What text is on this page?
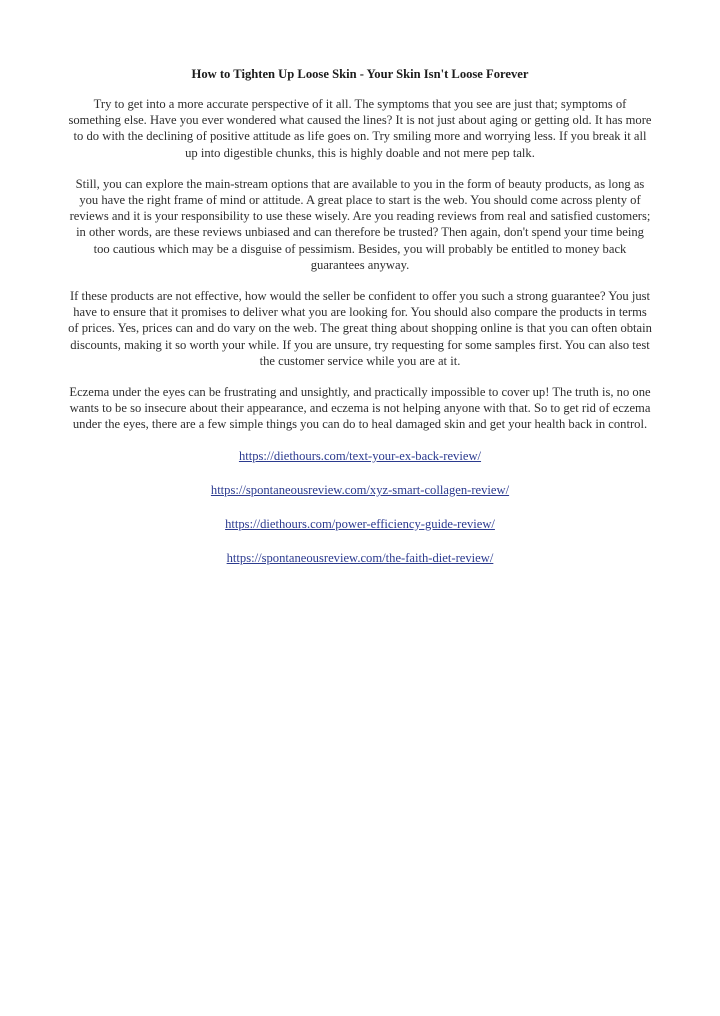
How to Tighten Up Loose Skin - Your Skin Isn't Loose Forever

Try to get into a more accurate perspective of it all. The symptoms that you see are just that; symptoms of something else. Have you ever wondered what caused the lines? It is not just about aging or getting old. It has more to do with the declining of positive attitude as life goes on. Try smiling more and worrying less. If you break it all up into digestible chunks, this is highly doable and not mere pep talk.

Still, you can explore the main-stream options that are available to you in the form of beauty products, as long as you have the right frame of mind or attitude. A great place to start is the web. You should come across plenty of reviews and it is your responsibility to use these wisely. Are you reading reviews from real and satisfied customers; in other words, are these reviews unbiased and can therefore be trusted? Then again, don't spend your time being too cautious which may be a disguise of pessimism. Besides, you will probably be entitled to money back guarantees anyway.

If these products are not effective, how would the seller be confident to offer you such a strong guarantee? You just have to ensure that it promises to deliver what you are looking for. You should also compare the products in terms of prices. Yes, prices can and do vary on the web. The great thing about shopping online is that you can often obtain discounts, making it so worth your while. If you are unsure, try requesting for some samples first. You can also test the customer service while you are at it.

Eczema under the eyes can be frustrating and unsightly, and practically impossible to cover up! The truth is, no one wants to be so insecure about their appearance, and eczema is not helping anyone with that. So to get rid of eczema under the eyes, there are a few simple things you can do to heal damaged skin and get your health back in control.

https://diethours.com/text-your-ex-back-review/
https://spontaneousreview.com/xyz-smart-collagen-review/
https://diethours.com/power-efficiency-guide-review/
https://spontaneousreview.com/the-faith-diet-review/
